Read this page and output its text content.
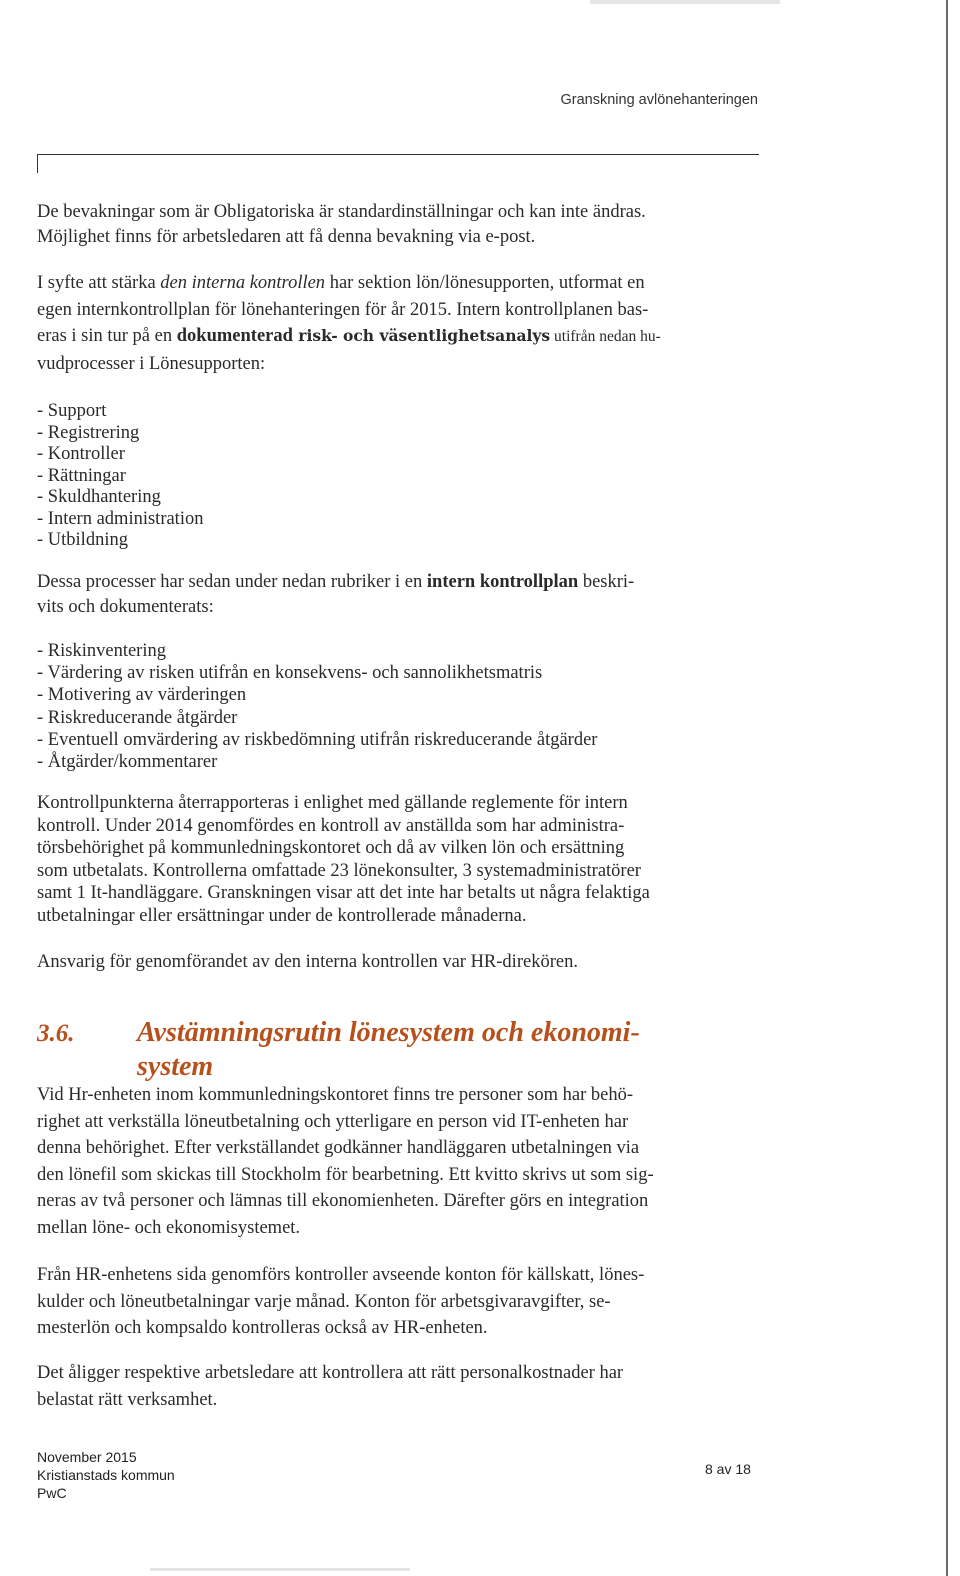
Granskning avlönehanteringen

De bevakningar som är Obligatoriska är standardinställningar och kan inte ändras.

Möjlighet finns för arbetsledaren att få denna bevakning via e-post.

I syfte att stärka den interna kontrollen har sektion lön/lönesupporten, utformat en

egen internkontrollplan för lönehanteringen för år 2015. Intern kontrollplanen bas-

eras i sin tur på en dokumenterad risk- och väsentlighetsanalys utifrån nedan hu-

vudprocesser i Lönesupporten:

- Support
- Registrering
- Kontroller
- Rättningar
- Skuldhantering
- Intern administration
- Utbildning

Dessa processer har sedan under nedan rubriker i en intern kontrollplan beskri-

vits och dokumenterats:

- Riskinventering
- Värdering av risken utifrån en konsekvens- och sannolikhetsmatris
- Motivering av värderingen
- Riskreducerande åtgärder
- Eventuell omvärdering av riskbedömning utifrån riskreducerande åtgärder
- Åtgärder/kommentarer

Kontrollpunkterna återrapporteras i enlighet med gällande reglemente för intern

kontroll. Under 2014 genomfördes en kontroll av anställda som har administra-

törsbehörighet på kommunledningskontoret och då av vilken lön och ersättning

som utbetalats. Kontrollerna omfattade 23 lönekonsulter, 3 systemadministratörer

samt 1 It-handläggare. Granskningen visar att det inte har betalts ut några felaktiga

utbetalningar eller ersättningar under de kontrollerade månaderna.

Ansvarig för genomförandet av den interna kontrollen var HR-direkören.

3.6. Avstämningsrutin lönesystem och ekonomi-
system

Vid Hr-enheten inom kommunledningskontoret finns tre personer som har behö-

righet att verkställa löneutbetalning och ytterligare en person vid IT-enheten har

denna behörighet. Efter verkställandet godkänner handläggaren utbetalningen via

den lönefil som skickas till Stockholm för bearbetning. Ett kvitto skrivs ut som sig-

neras av två personer och lämnas till ekonomienheten. Därefter görs en integration

mellan löne- och ekonomisystemet.

Från HR-enhetens sida genomförs kontroller avseende konton för källskatt, lönes-

kulder och löneutbetalningar varje månad. Konton för arbetsgivaravgifter, se-

mesterlön och kompsaldo kontrolleras också av HR-enheten.

Det åligger respektive arbetsledare att kontrollera att rätt personalkostnader har

belastat rätt verksamhet.

November 2015
Kristianstads kommun
PwC
8 av 18
